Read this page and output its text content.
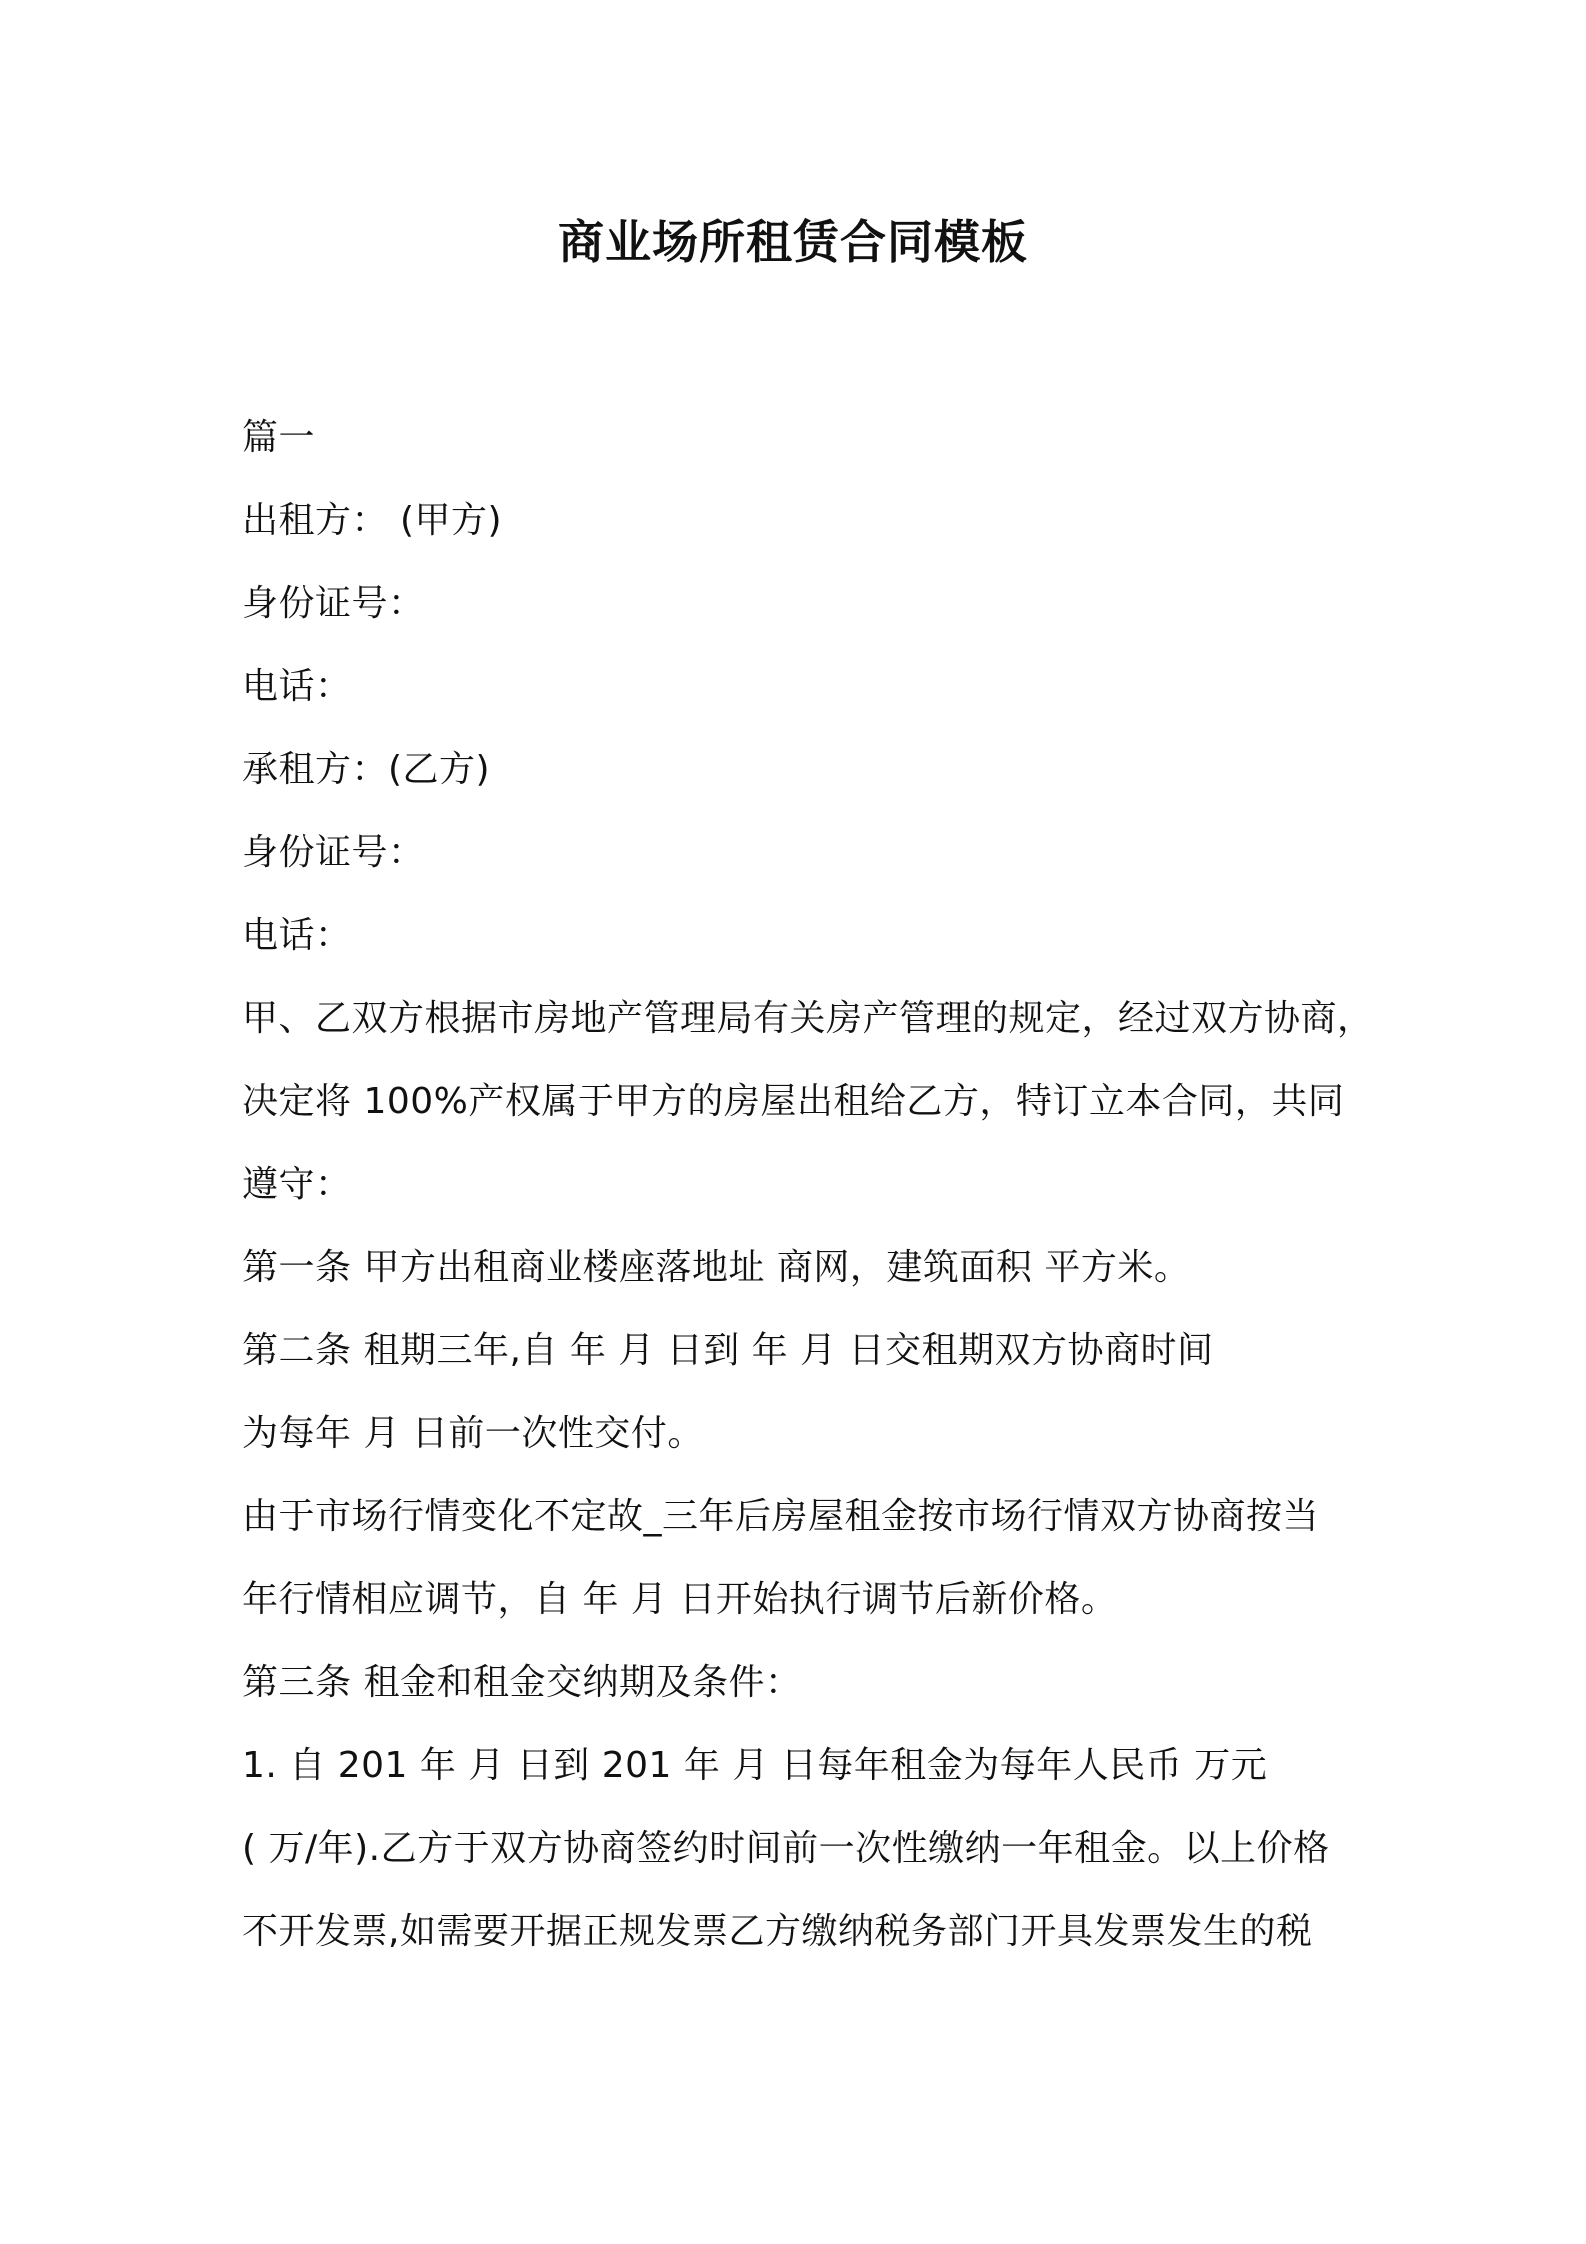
商业场所租赁合同模板
篇一
出租方： (甲方)
身份证号：
电话：
承租方：(乙方)
身份证号：
电话：
甲、乙双方根据市房地产管理局有关房产管理的规定，经过双方协商，
决定将 100%产权属于甲方的房屋出租给乙方，特订立本合同，共同
遵守：
第一条 甲方出租商业楼座落地址 商网，建筑面积 平方米。
第二条 租期三年,自 年 月 日到 年 月 日交租期双方协商时间
为每年 月 日前一次性交付。
由于市场行情变化不定故_三年后房屋租金按市场行情双方协商按当
年行情相应调节，自 年 月 日开始执行调节后新价格。
第三条 租金和租金交纳期及条件：
1. 自 201 年 月 日到 201 年 月 日每年租金为每年人民币 万元
( 万/年).乙方于双方协商签约时间前一次性缴纳一年租金。以上价格
不开发票,如需要开据正规发票乙方缴纳税务部门开具发票发生的税
